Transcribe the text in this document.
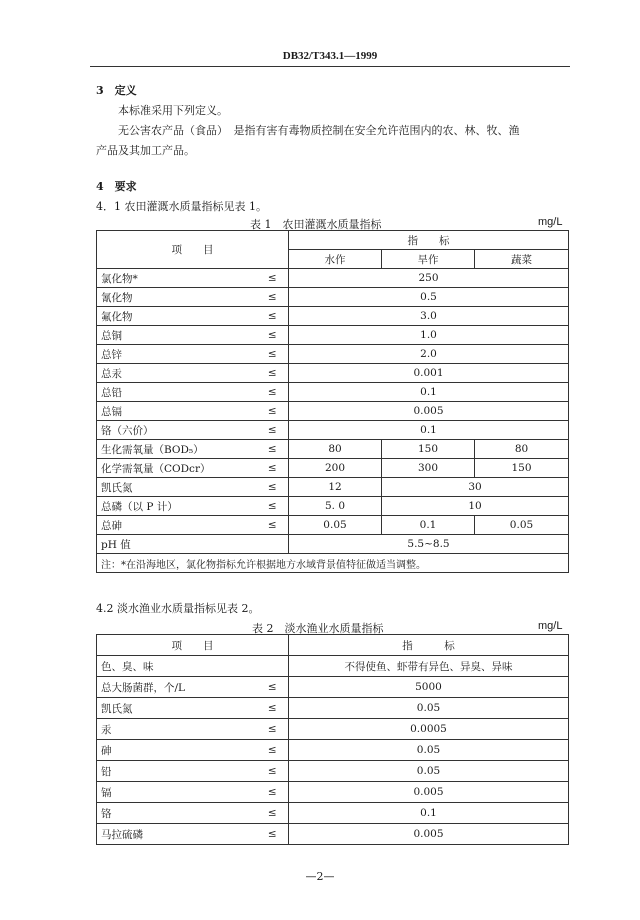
DB32/T343.1—1999
3　定义
本标准采用下列定义。
无公害农产品（食品）　是指有害有毒物质控制在安全允许范围内的农、林、牧、渔
产品及其加工产品。
4　要求
4．1 农田灌溉水质量指标见表 1。
表 1　农田灌溉水质量指标	mg/L
项　　目		指　　标		
		水作	旱作	蔬菜
氯化物*	≤	250		
氰化物	≤	0.5		
氟化物	≤	3.0		
总铜	≤	1.0		
总锌	≤	2.0		
总汞	≤	0.001		
总铅	≤	0.1		
总镉	≤	0.005		
铬（六价）	≤	0.1		
生化需氧量（BOD₅）	≤	80	150	80
化学需氧量（CODcr）	≤	200	300	150
凯氏氮	≤	12	30	
总磷（以 P 计）	≤	5. 0	10	
总砷	≤	0.05	0.1	0.05
pH 值		5.5~8.5		
注：*在沿海地区，氯化物指标允许根据地方水域背景值特征做适当调整。				
4.2 淡水渔业水质量指标见表 2。
表 2　淡水渔业水质量指标	mg/L
项　　目		指　　　标
色、臭、味		不得使鱼、虾带有异色、异臭、异味
总大肠菌群，个/L	≤	5000
凯氏氮	≤	0.05
汞	≤	0.0005
砷	≤	0.05
铅	≤	0.05
镉	≤	0.005
铬	≤	0.1
马拉硫磷	≤	0.005
—2—
